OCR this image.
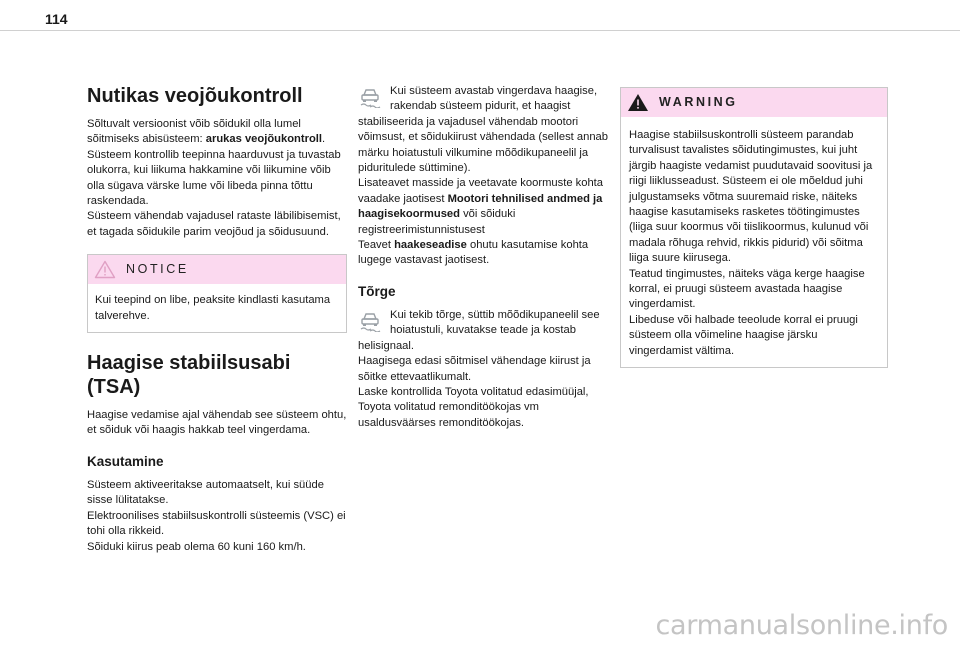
114
Nutikas veojõukontroll

Sõltuvalt versioonist võib sõidukil olla lumel sõitmiseks abisüsteem: arukas veojõukontroll.

Süsteem kontrollib teepinna haarduvust ja tuvastab olukorra, kui liikuma hakkamine või liikumine võib olla sügava värske lume või libeda pinna tõttu raskendada.

Süsteem vähendab vajadusel rataste läbilibisemist, et tagada sõidukile parim veojõud ja sõidusuund.

NOTICE
Kui teepind on libe, peaksite kindlasti kasutama talverehve.
Haagise stabiilsusabi (TSA)

Haagise vedamise ajal vähendab see süsteem ohtu, et sõiduk või haagis hakkab teel vingerdama.

Kasutamine

Süsteem aktiveeritakse automaatselt, kui süüde sisse lülitatakse.

Elektroonilises stabiilsuskontrolli süsteemis (VSC) ei tohi olla rikkeid.

Sõiduki kiirus peab olema 60 kuni 160 km/h.

Kui süsteem avastab vingerdava haagise, rakendab süsteem pidurit, et haagist stabiliseerida ja vajadusel vähendab mootori võimsust, et sõidukiirust vähendada (sellest annab märku hoiatustuli vilkumine mõõdikupaneelil ja piduritulede süttimine).

Lisateavet masside ja veetavate koormuste kohta vaadake jaotisest Mootori tehnilised andmed ja haagisekoormused või sõiduki registreerimistunnistusest

Teavet haakeseadise ohutu kasutamise kohta lugege vastavast jaotisest.

Tõrge

Kui tekib tõrge, süttib mõõdikupaneelil see hoiatustuli, kuvatakse teade ja kostab helisignaal.

Haagisega edasi sõitmisel vähendage kiirust ja sõitke ettevaatlikumalt.

Laske kontrollida Toyota volitatud edasimüüjal, Toyota volitatud remonditöökojas vm usaldusväärses remonditöökojas.

WARNING

Haagise stabiilsuskontrolli süsteem parandab turvalisust tavalistes sõidutingimustes, kui juht järgib haagiste vedamist puudutavaid soovitusi ja riigi liiklusseadust. Süsteem ei ole mõeldud juhi julgustamseks võtma suuremaid riske, näiteks haagise kasutamiseks rasketes töötingimustes (liiga suur koormus või tiislikoormus, kulunud või madala rõhuga rehvid, rikkis pidurid) või sõitma liiga suure kiirusega.

Teatud tingimustes, näiteks väga kerge haagise korral, ei pruugi süsteem avastada haagise vingerdamist.

Libeduse või halbade teeolude korral ei pruugi süsteem olla võimeline haagise järsku vingerdamist vältima.

carmanualsonline.info
